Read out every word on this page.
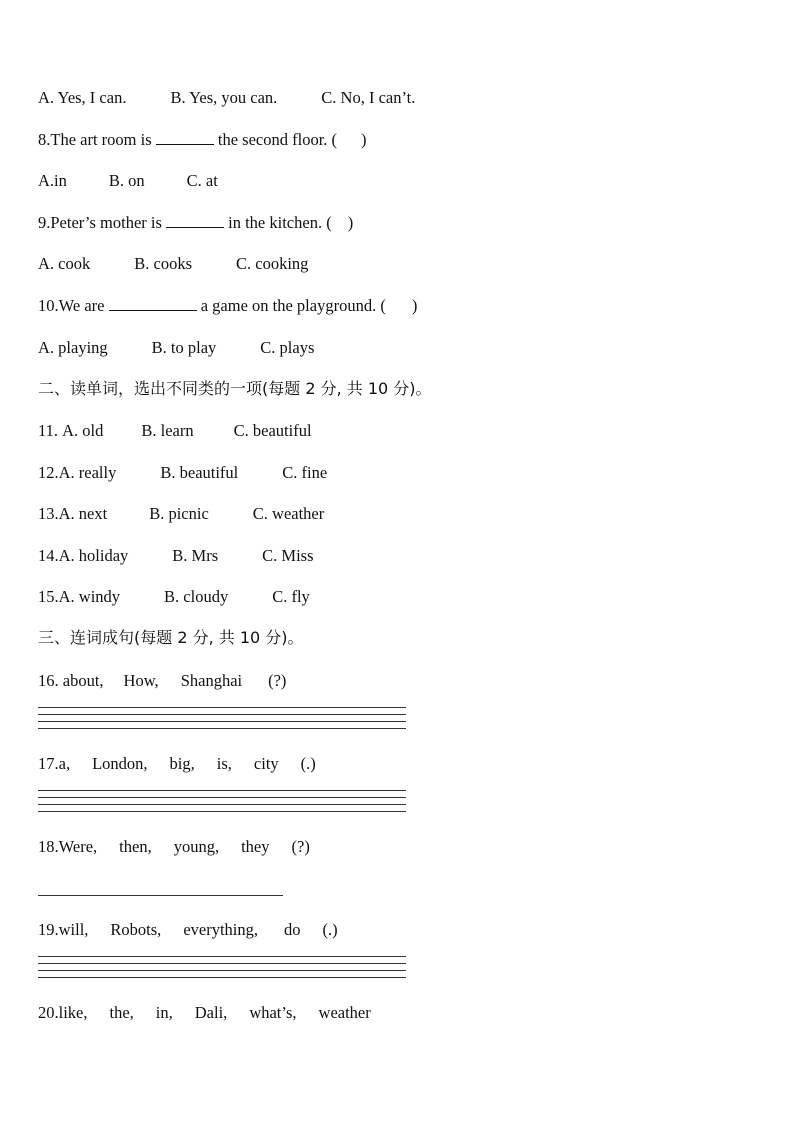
A. Yes, I can.	B. Yes, you can.	C. No, I can’t.
8.The art room is	the second floor. ( )
A.in	B. on	C. at
9.Peter’s mother is	in the kitchen. ( )
A. cook	B. cooks	C. cooking
10.We are	a game on the playground. ( )
A. playing	B. to play	C. plays
二、读单词，选出不同类的一项(每题 2 分, 共 10 分)。
11 . A. old B. learn C. beautiful
12 . A. really	B. beautiful	C. fine
13 . A. next	B. picnic	C. weather
14 . A. holiday	B. Mrs	C. Miss
15 . A. windy	B. cloudy	C. fly
三、连词成句(每题 2 分, 共 10 分)。
16 . about, How, Shanghai (?)
17 . a, London, big, is, city (.)
18 . Were, then, young, they (?)
19 . will, Robots, everything, do (.)
20 . like, the, in, Dali, what’s, weather
